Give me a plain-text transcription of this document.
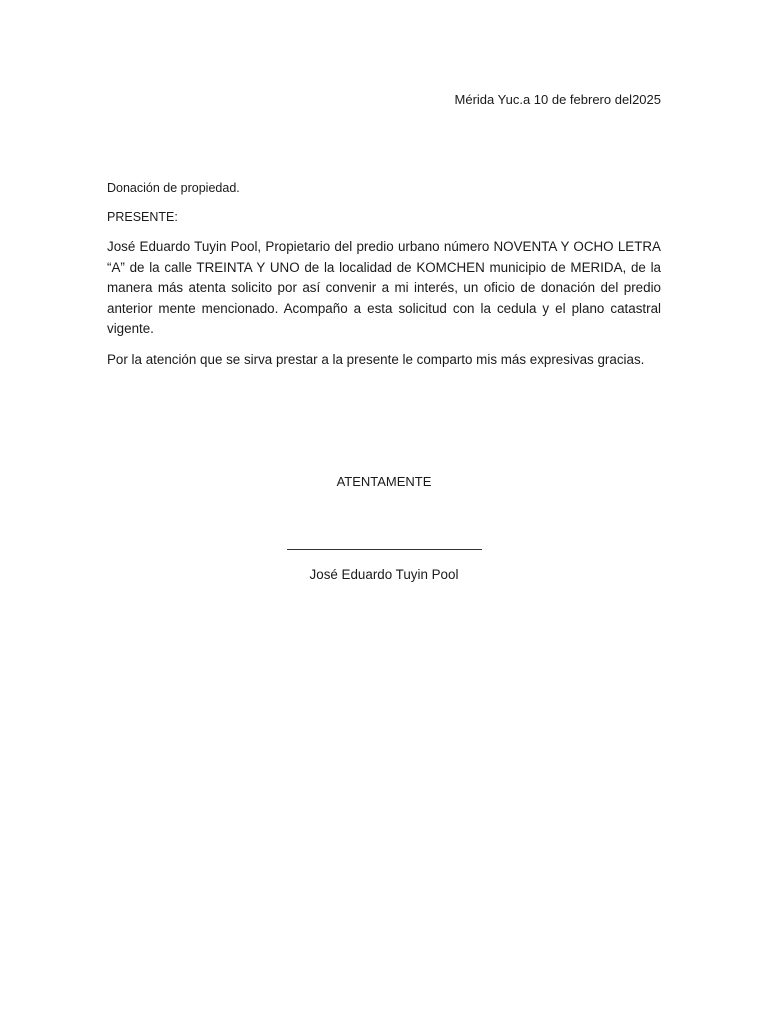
Mérida Yuc.a 10 de febrero del2025
Donación de propiedad.
PRESENTE:

José Eduardo Tuyin Pool, Propietario del predio urbano número NOVENTA Y OCHO LETRA “A” de la calle TREINTA Y UNO de la localidad de KOMCHEN municipio de MERIDA, de la manera más atenta solicito por así convenir a mi interés, un oficio de donación del predio anterior mente mencionado. Acompaño a esta solicitud con la cedula y el plano catastral vigente.

Por la atención que se sirva prestar a la presente le comparto mis más expresivas gracias.

ATENTAMENTE
José Eduardo Tuyin Pool
